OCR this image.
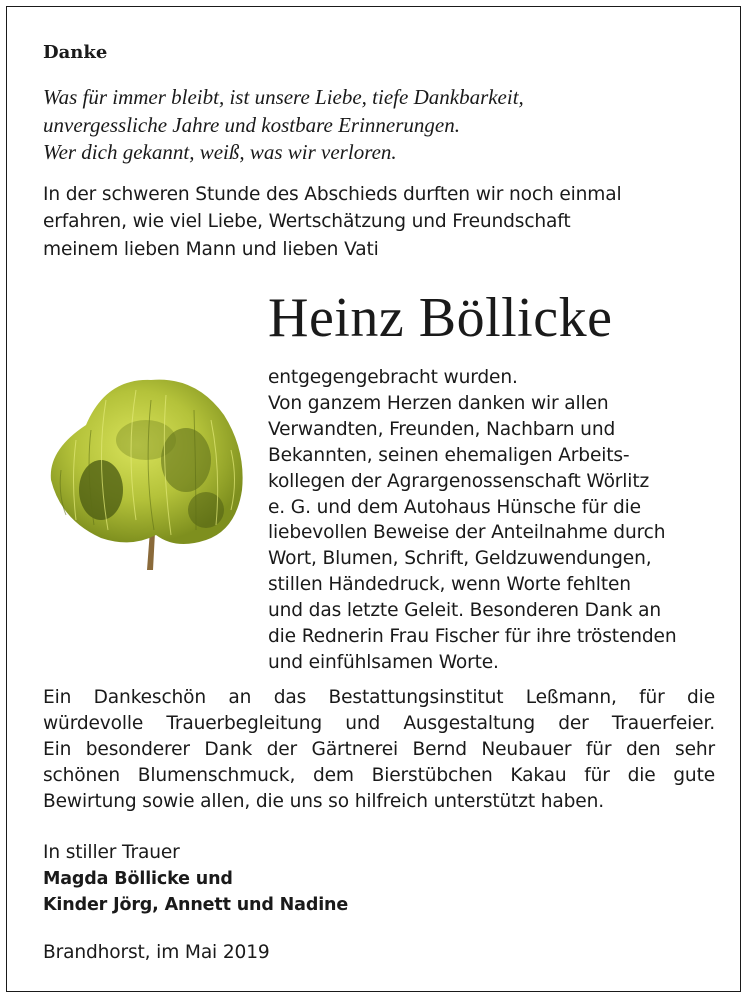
Danke
Was für immer bleibt, ist unsere Liebe, tiefe Dankbarkeit,
unvergessliche Jahre und kostbare Erinnerungen.
Wer dich gekannt, weiß, was wir verloren.
In der schweren Stunde des Abschieds durften wir noch einmal
erfahren, wie viel Liebe, Wertschätzung und Freundschaft
meinem lieben Mann und lieben Vati
Heinz Böllicke
entgegengebracht wurden.
Von ganzem Herzen danken wir allen
Verwandten, Freunden, Nachbarn und
Bekannten, seinen ehemaligen Arbeits-
kollegen der Agrargenossenschaft Wörlitz
e. G. und dem Autohaus Hünsche für die
liebevollen Beweise der Anteilnahme durch
Wort, Blumen, Schrift, Geldzuwendungen,
stillen Händedruck, wenn Worte fehlten
und das letzte Geleit. Besonderen Dank an
die Rednerin Frau Fischer für ihre tröstenden
und einfühlsamen Worte.
Ein Dankeschön an das Bestattungsinstitut Leßmann, für die
würdevolle Trauerbegleitung und Ausgestaltung der Trauerfeier.
Ein besonderer Dank der Gärtnerei Bernd Neubauer für den sehr
schönen Blumenschmuck, dem Bierstübchen Kakau für die gute
Bewirtung sowie allen, die uns so hilfreich unterstützt haben.
In stiller Trauer
Magda Böllicke und
Kinder Jörg, Annett und Nadine
Brandhorst, im Mai 2019
